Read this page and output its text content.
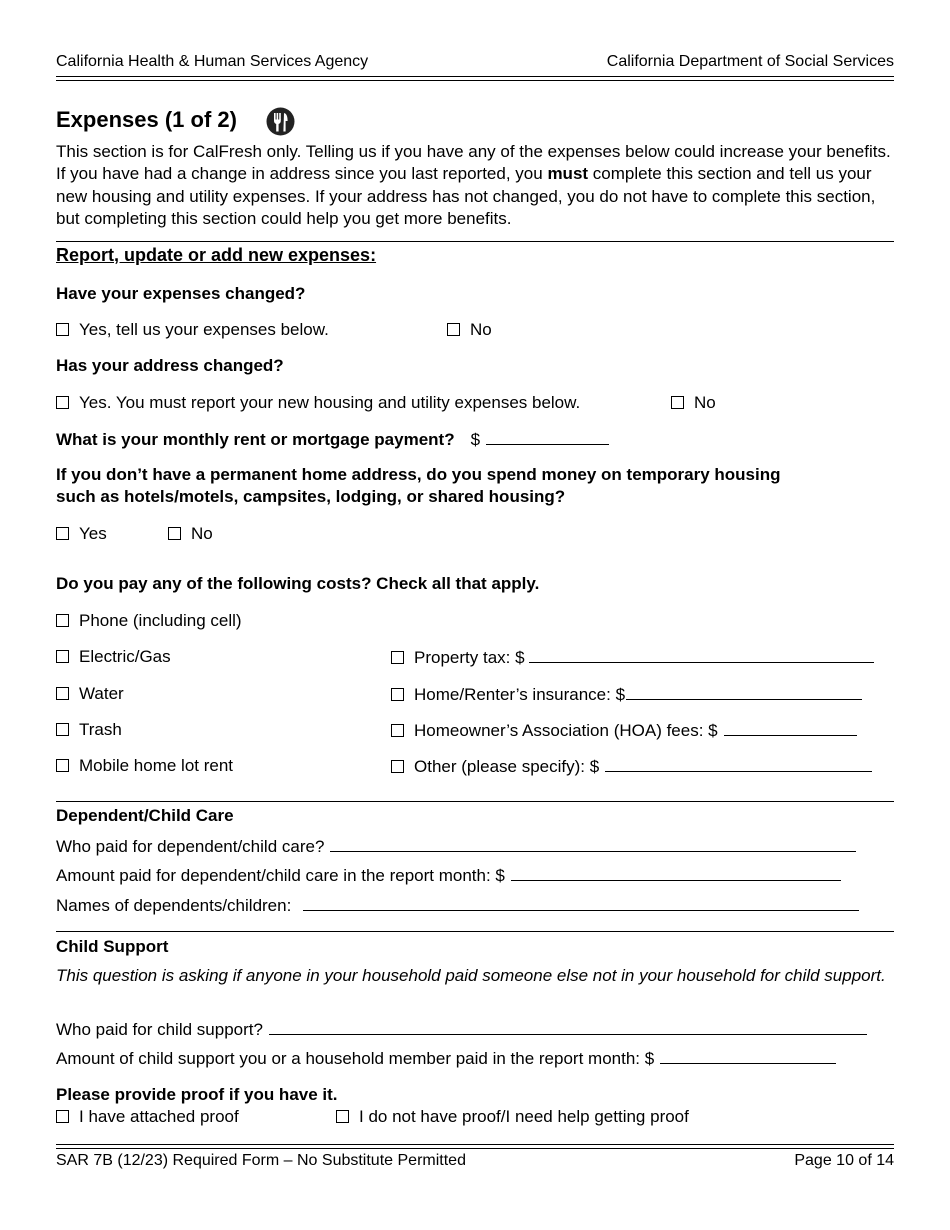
California Health & Human Services Agency	California Department of Social Services
Expenses (1 of 2)
This section is for CalFresh only. Telling us if you have any of the expenses below could increase your benefits. If you have had a change in address since you last reported, you must complete this section and tell us your new housing and utility expenses. If your address has not changed, you do not have to complete this section, but completing this section could help you get more benefits.
Report, update or add new expenses:
Have your expenses changed?
Yes, tell us your expenses below.	No
Has your address changed?
Yes. You must report your new housing and utility expenses below.	No
What is your monthly rent or mortgage payment? $
If you don’t have a permanent home address, do you spend money on temporary housing
such as hotels/motels, campsites, lodging, or shared housing?
Yes	No
Do you pay any of the following costs? Check all that apply.
Phone (including cell)
Electric/Gas	Property tax: $
Water	Home/Renter’s insurance: $
Trash	Homeowner’s Association (HOA) fees: $
Mobile home lot rent	Other (please specify): $
Dependent/Child Care
Who paid for dependent/child care?
Amount paid for dependent/child care in the report month: $
Names of dependents/children:
Child Support
This question is asking if anyone in your household paid someone else not in your household for child support.
Who paid for child support?
Amount of child support you or a household member paid in the report month: $
Please provide proof if you have it.
I have attached proof	I do not have proof/I need help getting proof
SAR 7B (12/23) Required Form – No Substitute Permitted	Page 10 of 14
